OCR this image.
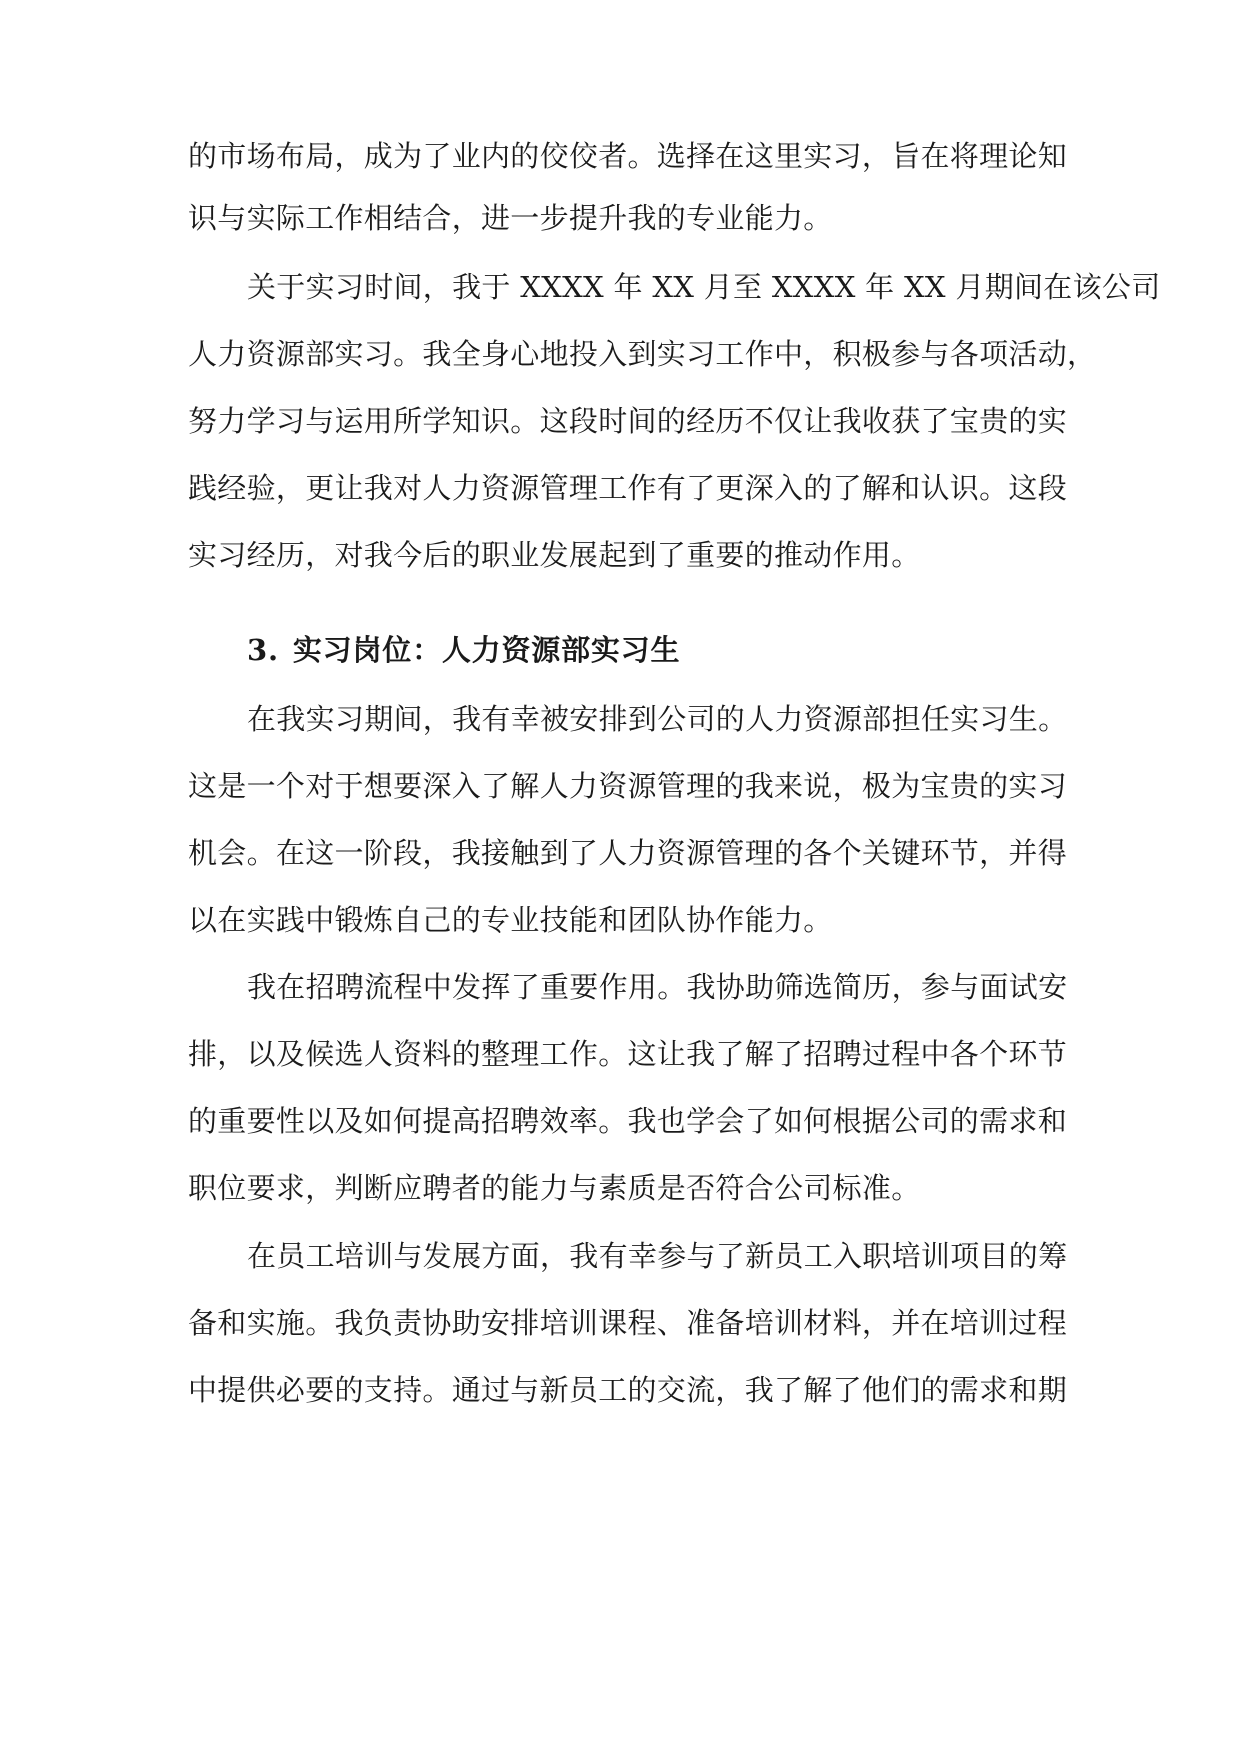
的市场布局，成为了业内的佼佼者。选择在这里实习，旨在将理论知
识与实际工作相结合，进一步提升我的专业能力。
关于实习时间，我于 XXXX 年 XX 月至 XXXX 年 XX 月期间在该公司
人力资源部实习。我全身心地投入到实习工作中，积极参与各项活动，
努力学习与运用所学知识。这段时间的经历不仅让我收获了宝贵的实
践经验，更让我对人力资源管理工作有了更深入的了解和认识。这段
实习经历，对我今后的职业发展起到了重要的推动作用。
3. 实习岗位：人力资源部实习生
在我实习期间，我有幸被安排到公司的人力资源部担任实习生。
这是一个对于想要深入了解人力资源管理的我来说，极为宝贵的实习
机会。在这一阶段，我接触到了人力资源管理的各个关键环节，并得
以在实践中锻炼自己的专业技能和团队协作能力。
我在招聘流程中发挥了重要作用。我协助筛选简历，参与面试安
排，以及候选人资料的整理工作。这让我了解了招聘过程中各个环节
的重要性以及如何提高招聘效率。我也学会了如何根据公司的需求和
职位要求，判断应聘者的能力与素质是否符合公司标准。
在员工培训与发展方面，我有幸参与了新员工入职培训项目的筹
备和实施。我负责协助安排培训课程、准备培训材料，并在培训过程
中提供必要的支持。通过与新员工的交流，我了解了他们的需求和期
